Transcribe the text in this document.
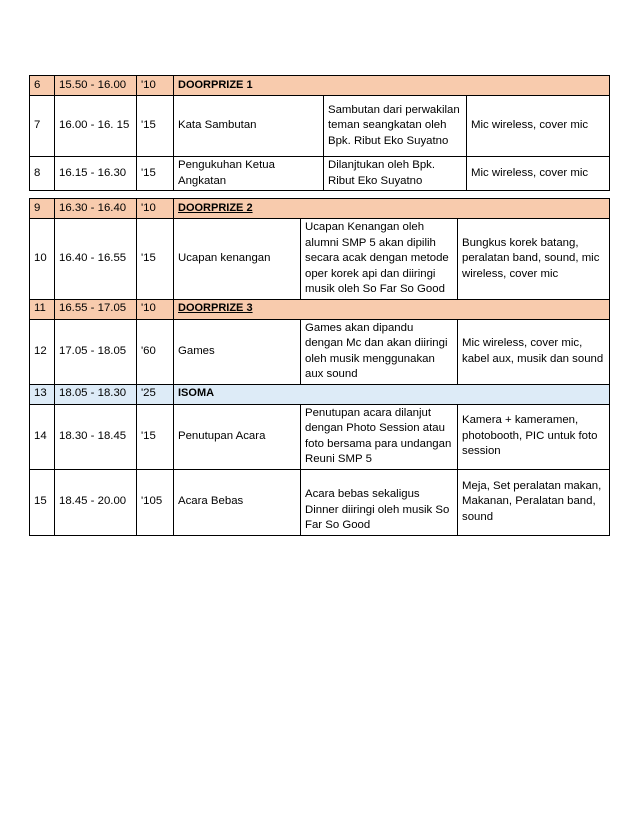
6	15.50 - 16.00	'10	DOORPRIZE 1		
7	16.00 - 16. 15	'15	Kata Sambutan	Sambutan dari perwakilan teman seangkatan oleh Bpk. Ribut Eko Suyatno	Mic wireless, cover mic
8	16.15 - 16.30	'15	Pengukuhan Ketua Angkatan	Dilanjtukan oleh Bpk. Ribut Eko Suyatno	Mic wireless, cover mic
9	16.30 - 16.40	'10	DOORPRIZE 2		
10	16.40 - 16.55	'15	Ucapan kenangan	Ucapan Kenangan oleh alumni SMP 5 akan dipilih secara acak dengan metode oper korek api dan diiringi musik oleh So Far So Good	Bungkus korek batang, peralatan band, sound, mic wireless, cover mic
11	16.55 - 17.05	'10	DOORPRIZE 3		
12	17.05 - 18.05	'60	Games	Games akan dipandu dengan Mc dan akan diiringi oleh musik menggunakan aux sound	Mic wireless, cover mic, kabel aux, musik dan sound
13	18.05 - 18.30	'25	ISOMA		
14	18.30 - 18.45	'15	Penutupan Acara	Penutupan acara dilanjut dengan Photo Session atau foto bersama para undangan Reuni SMP 5	Kamera + kameramen, photobooth, PIC untuk foto session
15	18.45 - 20.00	'105	Acara Bebas	Acara bebas sekaligus Dinner diiringi oleh musik So Far So Good	Meja, Set peralatan makan, Makanan, Peralatan band, sound
